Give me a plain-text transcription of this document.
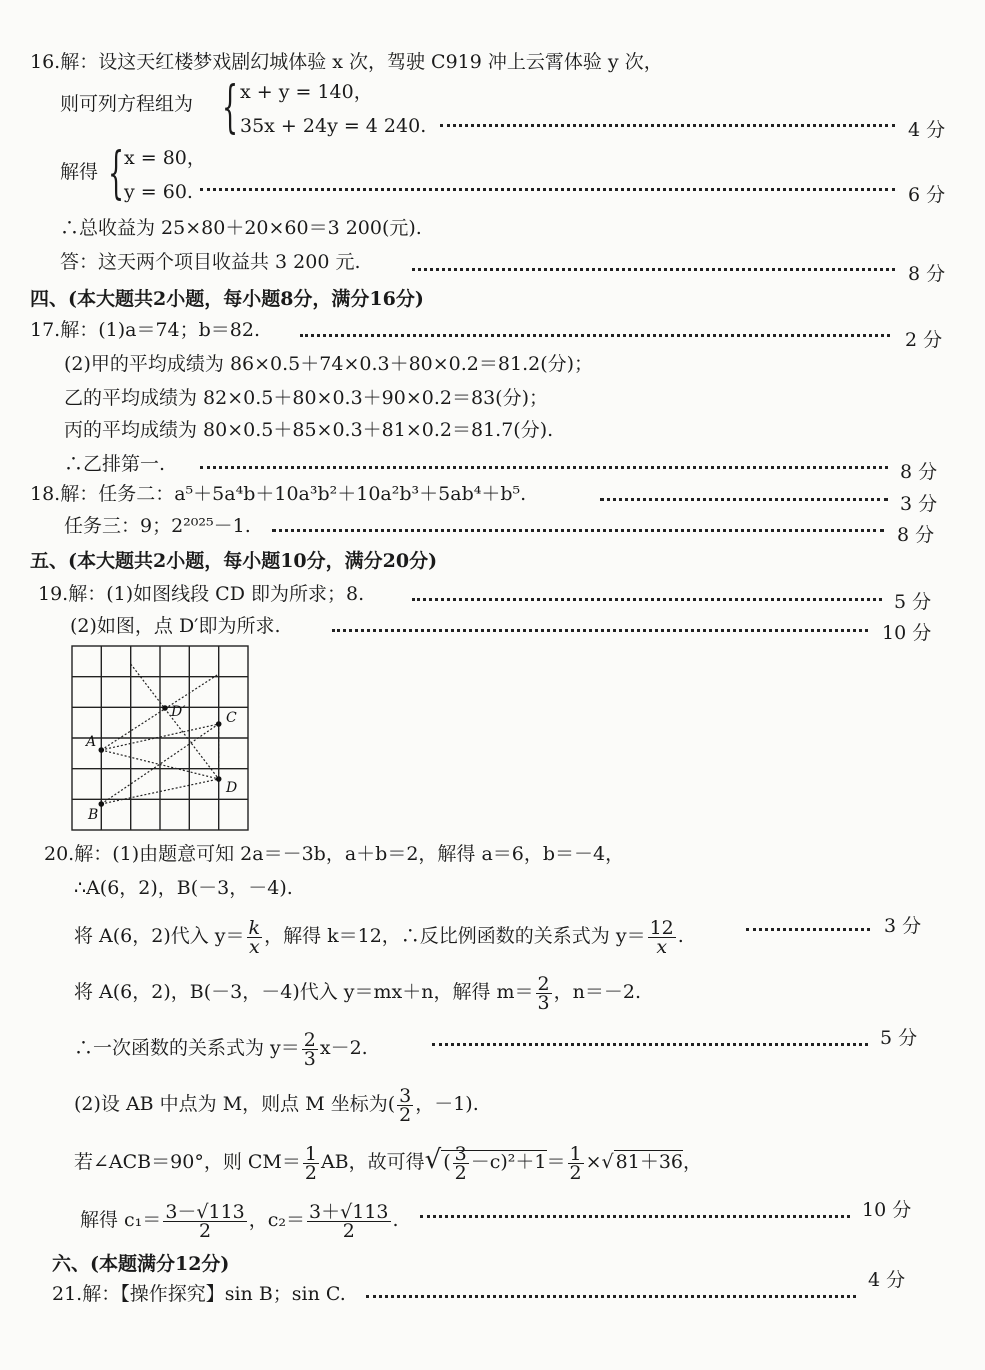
16.解：设这天红楼梦戏剧幻城体验 x 次，驾驶 C919 冲上云霄体验 y 次，
则可列方程组为 { x + y = 140，
35x + 24y = 4 240.	4 分
解得 { x = 80，
y = 60.	6 分
∴总收益为 25×80＋20×60＝3 200(元).
答：这天两个项目收益共 3 200 元.
8 分
四、(本大题共2小题，每小题8分，满分16分)
17.解：(1)a＝74；b＝82.	2 分
(2)甲的平均成绩为 86×0.5＋74×0.3＋80×0.2＝81.2(分)；
乙的平均成绩为 82×0.5＋80×0.3＋90×0.2＝83(分)；
丙的平均成绩为 80×0.5＋85×0.3＋81×0.2＝81.7(分).
∴乙排第一.	8 分
18.解：任务二：a⁵＋5a⁴b＋10a³b²＋10a²b³＋5ab⁴＋b⁵.	3 分
任务三：9；2²⁰²⁵－1.	8 分
五、(本大题共2小题，每小题10分，满分20分)
19.解：(1)如图线段 CD 即为所求；8.	5 分
(2)如图，点 D′即为所求.	10 分
A
B
C
D
D′
20.解：(1)由题意可知 2a＝－3b，a＋b＝2，解得 a＝6，b＝－4，
∴A(6，2)，B(－3，－4).
将 A(6，2)代入 $y= \frac{k}{x}$ ，解得 k＝12，∴反比例函数的关系式为 $y= \frac{12}{x}$ .	3 分
将 A(6，2)，B(－3，－4)代入 y＝mx＋n，解得 $m= \frac{2}{3}$ ，n＝－2.
∴一次函数的关系式为 $y= \frac{2}{3} x-2$.	5 分
(2)设 AB 中点为 M，则点 M 坐标为( $\frac{3}{2}$ ，－1).
若∠ACB＝90°，则 $CM= \frac{1}{2}$ AB，故可得√ ( $\frac{3}{2} -c)^2+1= \frac{1}{2}$ ×√ 81＋36，
解得 $c_1= \frac{3-√113}{2}$ ，$c_2= \frac{3+√113}{2}$ .	10 分
六、(本题满分12分)
21.解：【操作探究】sin B；sin C.
4 分
